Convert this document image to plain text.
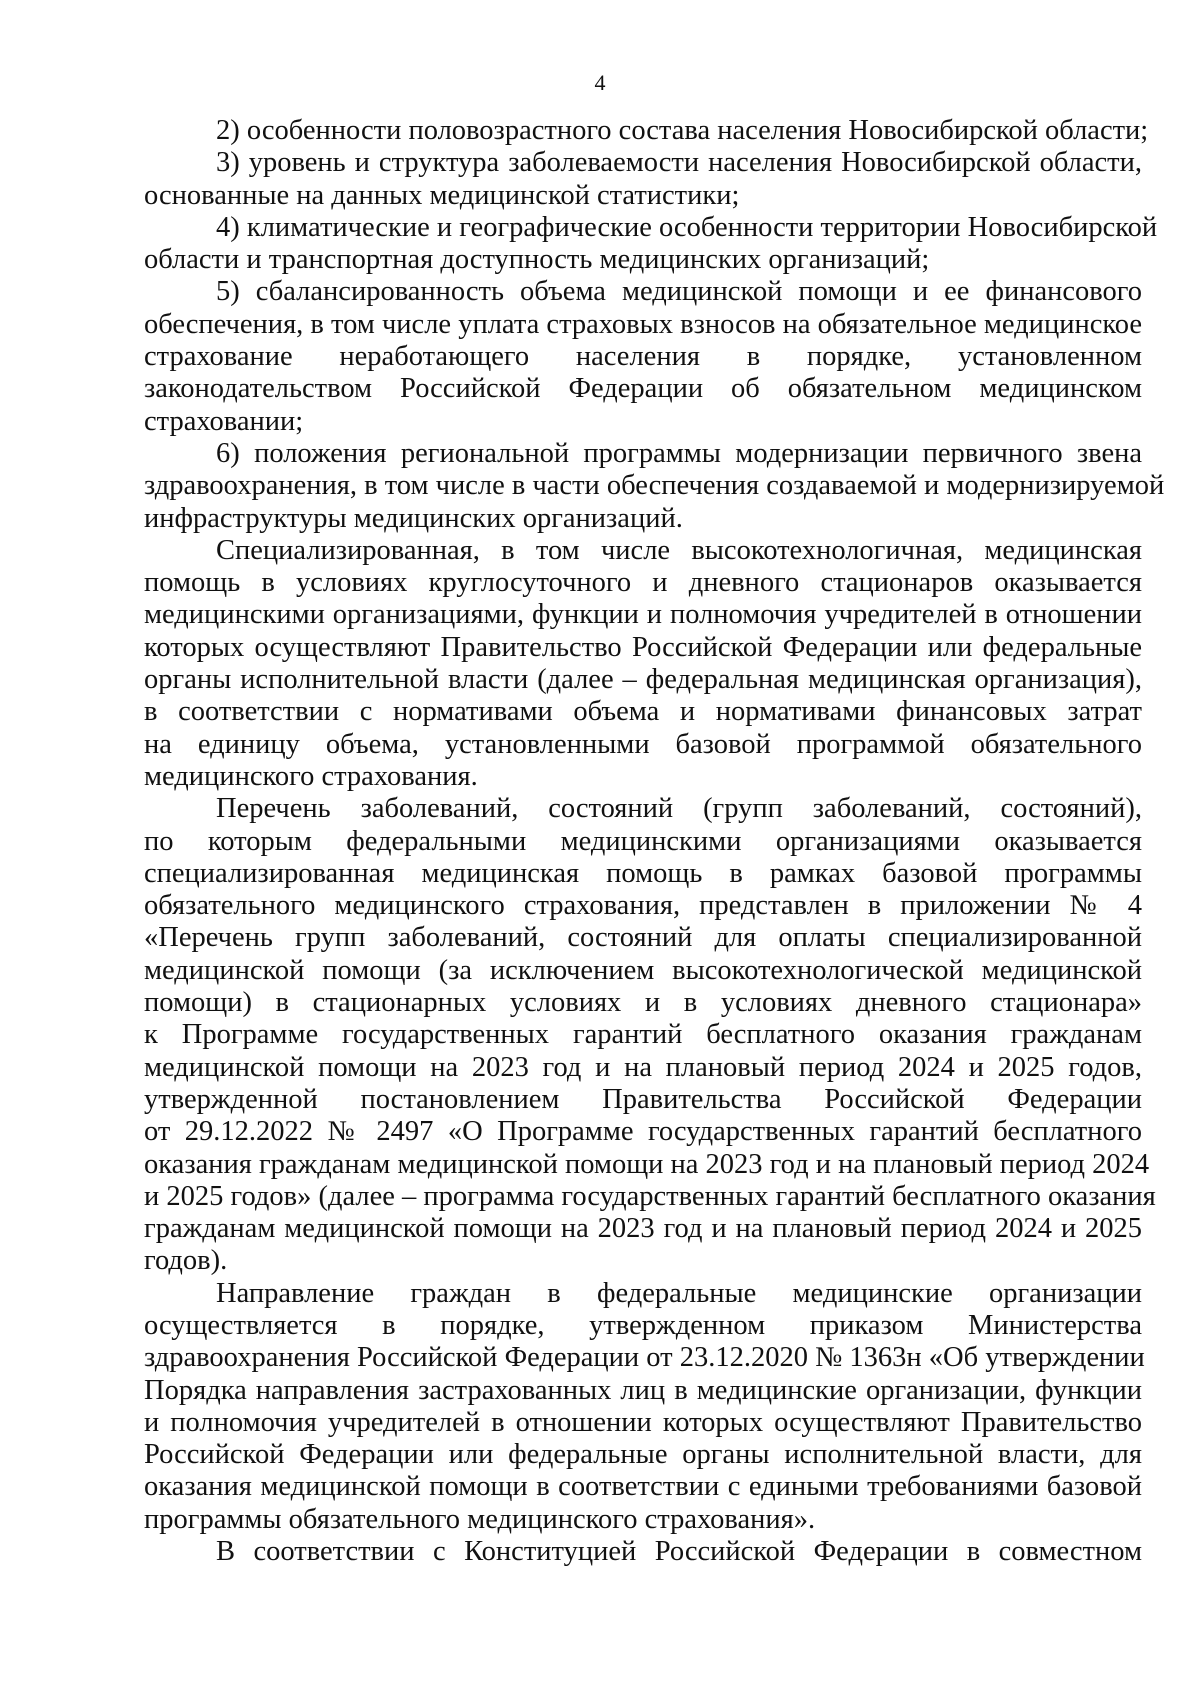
4
2) особенности половозрастного состава населения Новосибирской области;
3) уровень и структура заболеваемости населения Новосибирской области,
основанные на данных медицинской статистики;
4) климатические и географические особенности территории Новосибирской
области и транспортная доступность медицинских организаций;
5) сбалансированность объема медицинской помощи и ее финансового
обеспечения, в том числе уплата страховых взносов на обязательное медицинское
страхование неработающего населения в порядке, установленном
законодательством Российской Федерации об обязательном медицинском
страховании;
6) положения региональной программы модернизации первичного звена
здравоохранения, в том числе в части обеспечения создаваемой и модернизируемой
инфраструктуры медицинских организаций.
Специализированная, в том числе высокотехнологичная, медицинская
помощь в условиях круглосуточного и дневного стационаров оказывается
медицинскими организациями, функции и полномочия учредителей в отношении
которых осуществляют Правительство Российской Федерации или федеральные
органы исполнительной власти (далее – федеральная медицинская организация),
в соответствии с нормативами объема и нормативами финансовых затрат
на единицу объема, установленными базовой программой обязательного
медицинского страхования.
Перечень заболеваний, состояний (групп заболеваний, состояний),
по которым федеральными медицинскими организациями оказывается
специализированная медицинская помощь в рамках базовой программы
обязательного медицинского страхования, представлен в приложении № 4
«Перечень групп заболеваний, состояний для оплаты специализированной
медицинской помощи (за исключением высокотехнологической медицинской
помощи) в стационарных условиях и в условиях дневного стационара»
к Программе государственных гарантий бесплатного оказания гражданам
медицинской помощи на 2023 год и на плановый период 2024 и 2025 годов,
утвержденной постановлением Правительства Российской Федерации
от 29.12.2022 № 2497 «О Программе государственных гарантий бесплатного
оказания гражданам медицинской помощи на 2023 год и на плановый период 2024
и 2025 годов» (далее – программа государственных гарантий бесплатного оказания
гражданам медицинской помощи на 2023 год и на плановый период 2024 и 2025
годов).
Направление граждан в федеральные медицинские организации
осуществляется в порядке, утвержденном приказом Министерства
здравоохранения Российской Федерации от 23.12.2020 № 1363н «Об утверждении
Порядка направления застрахованных лиц в медицинские организации, функции
и полномочия учредителей в отношении которых осуществляют Правительство
Российской Федерации или федеральные органы исполнительной власти, для
оказания медицинской помощи в соответствии с едиными требованиями базовой
программы обязательного медицинского страхования».
В соответствии с Конституцией Российской Федерации в совместном
